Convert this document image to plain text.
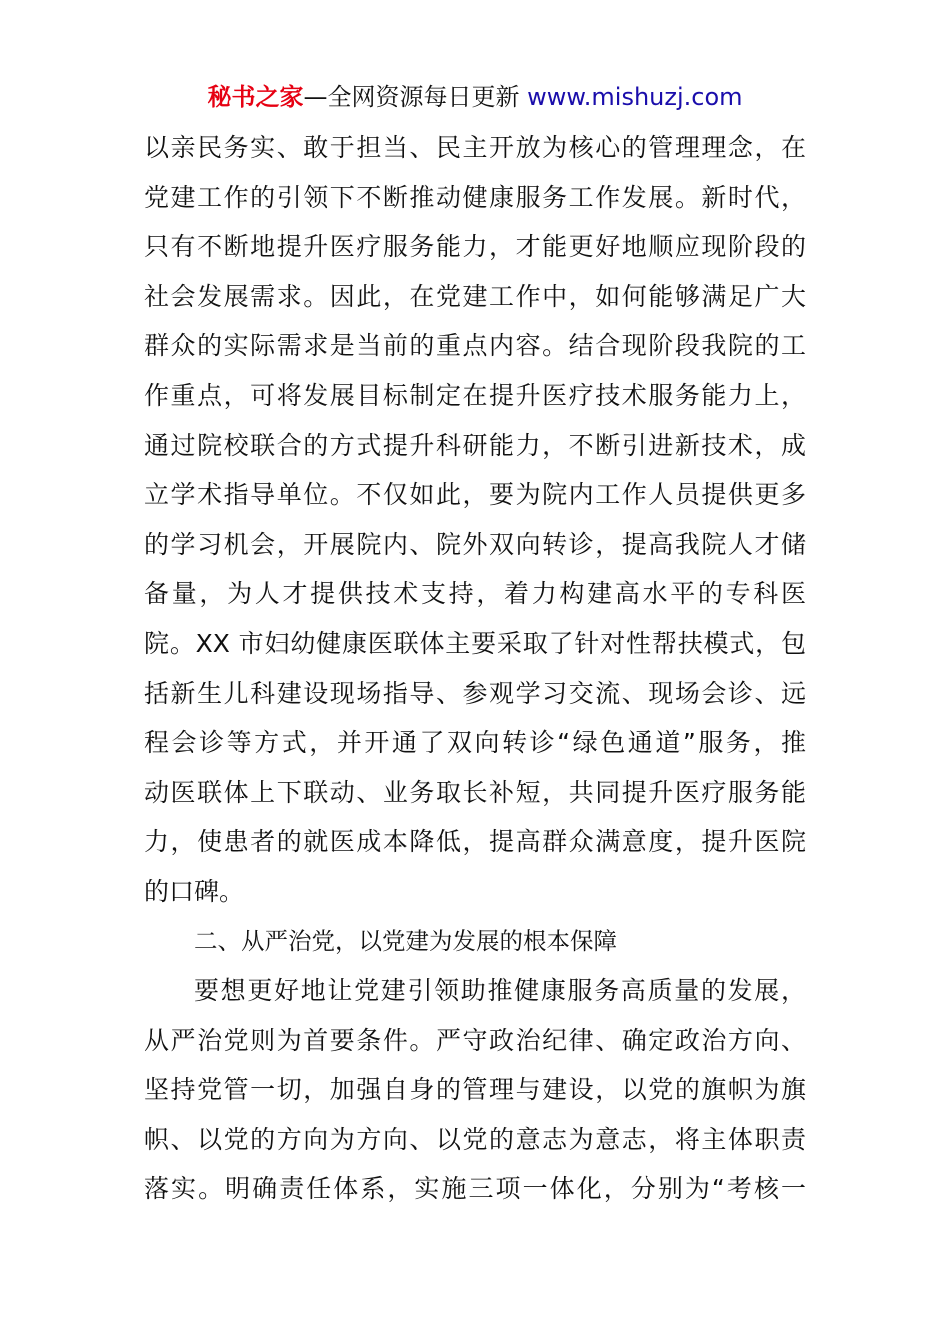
秘书之家—全网资源每日更新 www.mishuzj.com
以亲民务实、敢于担当、民主开放为核心的管理理念，在
党建工作的引领下不断推动健康服务工作发展。新时代，
只有不断地提升医疗服务能力，才能更好地顺应现阶段的
社会发展需求。因此，在党建工作中，如何能够满足广大
群众的实际需求是当前的重点内容。结合现阶段我院的工
作重点，可将发展目标制定在提升医疗技术服务能力上，
通过院校联合的方式提升科研能力，不断引进新技术，成
立学术指导单位。不仅如此，要为院内工作人员提供更多
的学习机会，开展院内、院外双向转诊，提高我院人才储
备量，为人才提供技术支持，着力构建高水平的专科医
院。XX 市妇幼健康医联体主要采取了针对性帮扶模式，包
括新生儿科建设现场指导、参观学习交流、现场会诊、远
程会诊等方式，并开通了双向转诊“绿色通道”服务，推
动医联体上下联动、业务取长补短，共同提升医疗服务能
力，使患者的就医成本降低，提高群众满意度，提升医院
的口碑。
二、从严治党，以党建为发展的根本保障
要想更好地让党建引领助推健康服务高质量的发展，
从严治党则为首要条件。严守政治纪律、确定政治方向、
坚持党管一切，加强自身的管理与建设，以党的旗帜为旗
帜、以党的方向为方向、以党的意志为意志，将主体职责
落实。明确责任体系，实施三项一体化，分别为“考核一
